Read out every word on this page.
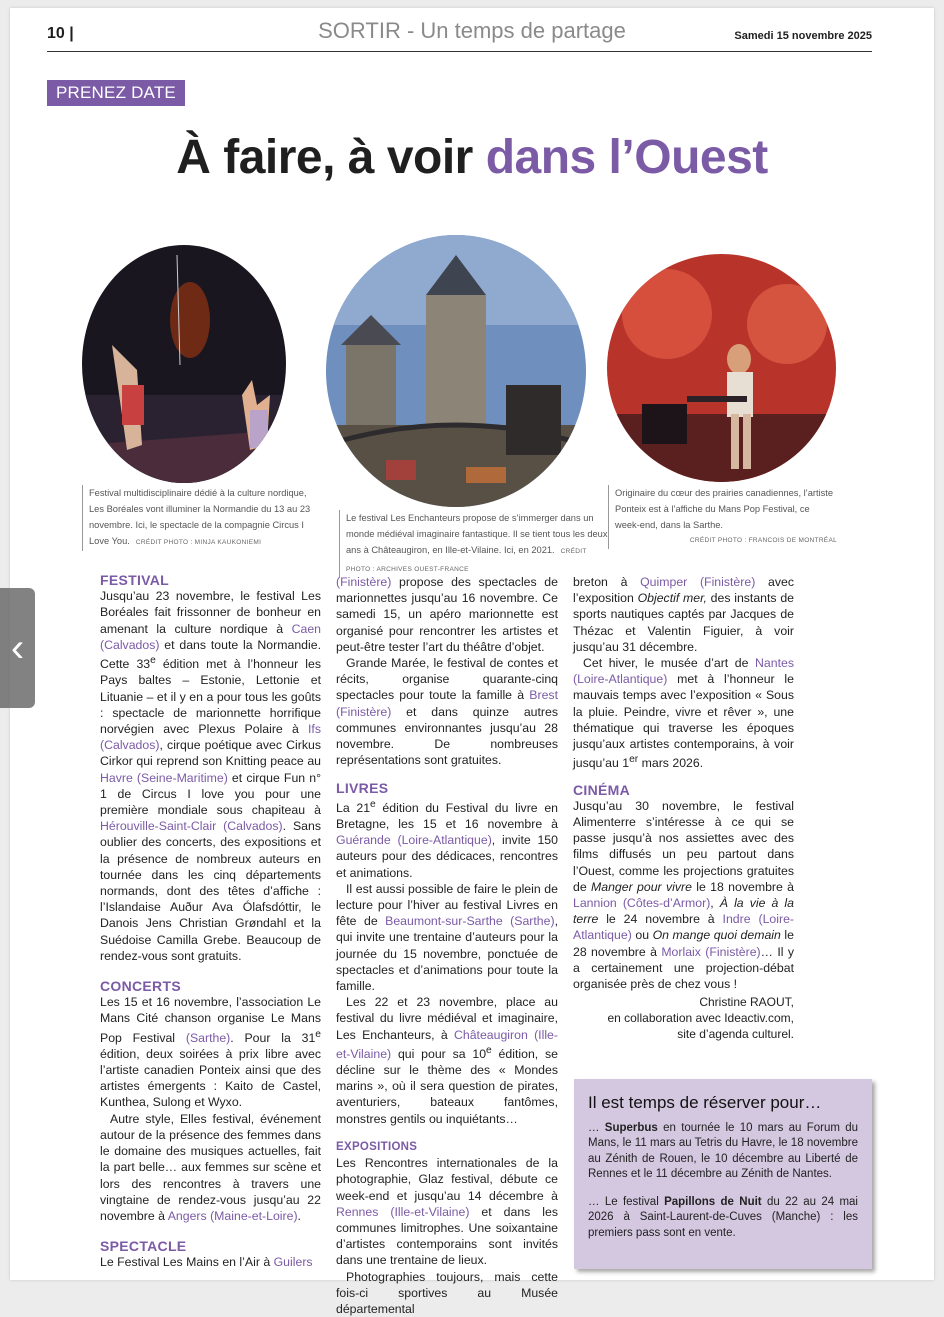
10 |	SORTIR - Un temps de partage	Samedi 15 novembre 2025
PRENEZ DATE
À faire, à voir dans l’Ouest
Festival multidisciplinaire dédié à la culture nordique, Les Boréales vont illuminer la Normandie du 13 au 23 novembre. Ici, le spectacle de la compagnie Circus I Love You. CRÉDIT PHOTO : MINJA KAUKONIEMI
Le festival Les Enchanteurs propose de s’immerger dans un monde médiéval imaginaire fantastique. Il se tient tous les deux ans à Châteaugiron, en Ille-et-Vilaine. Ici, en 2021. CRÉDIT PHOTO : ARCHIVES OUEST-FRANCE
Originaire du cœur des prairies canadiennes, l’artiste Ponteix est à l’affiche du Mans Pop Festival, ce week-end, dans la Sarthe.
CRÉDIT PHOTO : FRANCOIS DE MONTRÉAL
FESTIVAL

Jusqu’au 23 novembre, le festival Les Boréales fait frissonner de bonheur en amenant la culture nordique à Caen (Calvados) et dans toute la Normandie. Cette 33e édition met à l’honneur les Pays baltes – Estonie, Lettonie et Lituanie – et il y en a pour tous les goûts : spectacle de marionnette horrifique norvégien avec Plexus Polaire à Ifs (Calvados), cirque poétique avec Cirkus Cirkor qui reprend son Knitting peace au Havre (Seine-Maritime) et cirque Fun n° 1 de Circus I love you pour une première mondiale sous chapiteau à Hérouville-Saint-Clair (Calvados). Sans oublier des concerts, des expositions et la présence de nombreux auteurs en tournée dans les cinq départements normands, dont des têtes d’affiche : l’Islandaise Auður Ava Ólafsdóttir, le Danois Jens Christian Grøndahl et la Suédoise Camilla Grebe. Beaucoup de rendez-vous sont gratuits.

CONCERTS

Les 15 et 16 novembre, l’association Le Mans Cité chanson organise Le Mans Pop Festival (Sarthe). Pour la 31e édition, deux soirées à prix libre avec l’artiste canadien Ponteix ainsi que des artistes émergents : Kaito de Castel, Kunthea, Sulong et Wyxo.

Autre style, Elles festival, événement autour de la présence des femmes dans le domaine des musiques actuelles, fait la part belle… aux femmes sur scène et lors des rencontres à travers une vingtaine de rendez-vous jusqu’au 22 novembre à Angers (Maine-et-Loire).

SPECTACLE

Le Festival Les Mains en l’Air à Guilers

(Finistère) propose des spectacles de marionnettes jusqu’au 16 novembre. Ce samedi 15, un apéro marionnette est organisé pour rencontrer les artistes et peut-être tester l’art du théâtre d’objet.

Grande Marée, le festival de contes et récits, organise quarante-cinq spectacles pour toute la famille à Brest (Finistère) et dans quinze autres communes environnantes jusqu’au 28 novembre. De nombreuses représentations sont gratuites.

LIVRES

La 21e édition du Festival du livre en Bretagne, les 15 et 16 novembre à Guérande (Loire-Atlantique), invite 150 auteurs pour des dédicaces, rencontres et animations.

Il est aussi possible de faire le plein de lecture pour l’hiver au festival Livres en fête de Beaumont-sur-Sarthe (Sarthe), qui invite une trentaine d’auteurs pour la journée du 15 novembre, ponctuée de spectacles et d’animations pour toute la famille.

Les 22 et 23 novembre, place au festival du livre médiéval et imaginaire, Les Enchanteurs, à Châteaugiron (Ille-et-Vilaine) qui pour sa 10e édition, se décline sur le thème des « Mondes marins », où il sera question de pirates, aventuriers, bateaux fantômes, monstres gentils ou inquiétants…

EXPOSITIONS

Les Rencontres internationales de la photographie, Glaz festival, débute ce week-end et jusqu’au 14 décembre à Rennes (Ille-et-Vilaine) et dans les communes limitrophes. Une soixantaine d’artistes contemporains sont invités dans une trentaine de lieux.

Photographies toujours, mais cette fois-ci sportives au Musée départemental

breton à Quimper (Finistère) avec l’exposition Objectif mer, des instants de sports nautiques captés par Jacques de Thézac et Valentin Figuier, à voir jusqu’au 31 décembre.

Cet hiver, le musée d’art de Nantes (Loire-Atlantique) met à l’honneur le mauvais temps avec l’exposition « Sous la pluie. Peindre, vivre et rêver », une thématique qui traverse les époques jusqu’aux artistes contemporains, à voir jusqu’au 1er mars 2026.

CINÉMA

Jusqu’au 30 novembre, le festival Alimenterre s’intéresse à ce qui se passe jusqu’à nos assiettes avec des films diffusés un peu partout dans l’Ouest, comme les projections gratuites de Manger pour vivre le 18 novembre à Lannion (Côtes-d’Armor), À la vie à la terre le 24 novembre à Indre (Loire-Atlantique) ou On mange quoi demain le 28 novembre à Morlaix (Finistère)… Il y a certainement une projection-débat organisée près de chez vous !

Christine RAOUT,
en collaboration avec Ideactiv.com,
site d’agenda culturel.
Il est temps de réserver pour…

… Superbus en tournée le 10 mars au Forum du Mans, le 11 mars au Tetris du Havre, le 18 novembre au Zénith de Rouen, le 10 décembre au Liberté de Rennes et le 11 décembre au Zénith de Nantes.

… Le festival Papillons de Nuit du 22 au 24 mai 2026 à Saint-Laurent-de-Cuves (Manche) : les premiers pass sont en vente.

‹
